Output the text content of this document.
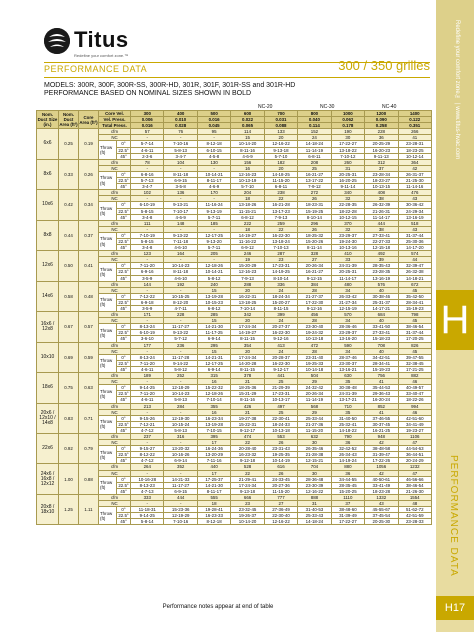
Titus
Redefine your comfort zone.™
PERFORMANCE DATA	300 / 350 grilles
MODELS: 300R, 300F, 300R-SS, 300R-HD, 301R, 301F, 301R-SS and 301R-HD
PERFORMANCE BASED ON NOMINAL SIZES SHOWN IN BOLD
NC-20	NC-30	NC-40
Nom. Duct Size (in.)	Nom. Duct Area (ft²)	Core Area (ft²)	Core Vel.		300	400	500	600	700	800	1000	1200	1400
			Vel. Press.		0.006	0.010	0.016	0.022	0.031	0.040	0.062	0.090	0.122
			Total Press.		0.016	0.028	0.045	0.065	0.088	0.114	0.178	0.258	0.351
6x6	0.25	0.19	cfm		57	76	95	114	133	152	190	228	266
			NC		-	-	-	15	20	24	30	36	41
			Throw (ft)	0°	5-7-14	7-10-16	8-12-18	10-14-20	12-16-22	14-18-24	17-22-27	20-25-29	23-28-31
				22.5°	4-6-11	5-8-13	6-10-15	8-11-16	9-13-18	11-14-19	13-18-22	16-20-23	18-23-25
				45°	2-3-6	3-4-7	4-5-8	4-6-9	5-7-10	6-8-11	7-10-12	9-11-13	10-12-14
8x6	0.33	0.26	cfm		78	104	130	156	182	208	260	312	364
			NC		-	-	-	16	20	25	31	37	42
			Throw (ft)	0°	6-8-16	8-11-18	10-14-21	12-16-23	14-18-25	16-21-27	20-25-31	23-28-34	26-31-37
				22.5°	5-7-13	6-9-15	8-11-17	10-13-19	11-15-20	13-17-22	16-20-25	18-23-27	21-25-30
				45°	3-4-7	3-5-8	4-6-9	5-7-10	6-8-11	7-9-12	9-11-14	10-13-15	11-14-16
10x6	0.42	0.34	cfm		102	136	170	204	238	272	340	408	476
			NC		-	-	-	18	22	26	32	38	43
			Throw (ft)	0°	6-10-19	9-13-21	11-16-24	13-18-26	16-21-28	18-23-31	22-28-35	26-32-39	30-36-42
				22.5°	5-8-15	7-10-17	9-13-19	11-15-21	13-17-23	15-19-25	18-22-28	21-26-31	24-29-34
				45°	3-4-8	4-6-9	5-7-11	6-8-12	7-9-13	8-10-14	10-12-15	11-14-17	13-16-19
8x8	0.44	0.37	cfm		111	148	185	222	259	296	370	444	518
			NC		-	-	-	18	22	26	32	38	43
			Throw (ft)	0°	7-10-19	9-13-22	12-17-25	14-19-27	16-22-30	18-25-32	23-29-37	27-33-41	31-37-44
				22.5°	5-8-15	7-11-18	9-13-20	11-16-22	13-18-24	15-20-26	19-24-30	22-27-33	25-30-36
				45°	3-4-8	4-6-10	5-7-11	6-9-12	7-10-13	8-11-14	10-13-16	12-15-18	14-17-20
12x6	0.50	0.41	cfm		123	164	205	246	287	328	410	492	574
			NC		-	-	-	19	23	27	33	39	44
			Throw (ft)	0°	7-11-20	10-14-23	12-18-26	15-20-29	17-23-31	20-26-34	24-31-39	28-35-43	32-39-47
				22.5°	6-9-16	8-11-18	10-14-21	12-16-23	14-19-25	16-21-27	20-25-31	23-28-35	26-32-38
				45°	3-5-9	4-6-10	5-8-12	7-9-13	8-10-14	9-12-15	11-14-17	13-16-19	14-18-21
14x6	0.58	0.48	cfm		144	192	240	288	336	384	480	576	672
			NC		-	-	15	20	24	28	34	40	45
			Throw (ft)	0°	7-12-22	10-15-25	13-19-28	16-22-31	18-24-34	21-27-37	26-33-42	30-38-46	35-42-50
				22.5°	6-9-18	8-12-20	10-15-23	13-18-25	15-20-27	17-22-30	21-27-34	25-31-37	28-34-41
				45°	3-5-9	4-7-11	6-8-12	7-10-14	8-11-15	9-12-16	12-15-19	14-17-21	15-19-23
16x6 / 12x8	0.67	0.57	cfm		171	228	285	342	399	456	570	684	798
			NC		-	-	15	20	24	28	34	40	45
			Throw (ft)	0°	8-13-24	11-17-27	14-21-30	17-24-34	20-27-37	23-30-40	28-36-46	33-41-50	38-46-54
				22.5°	6-10-19	9-13-22	11-17-25	14-19-27	16-22-30	19-24-32	23-29-37	27-33-41	31-37-44
				45°	3-6-10	5-7-12	6-9-14	8-11-15	9-12-16	10-13-18	13-16-20	15-18-23	17-20-25
10x10	0.69	0.59	cfm		177	236	295	354	413	472	590	708	826
			NC		-	-	15	20	24	28	34	40	45
			Throw (ft)	0°	8-13-24	11-17-28	14-21-31	17-24-34	20-28-37	23-31-40	28-37-46	34-42-51	39-47-55
				22.5°	7-11-20	9-14-22	12-17-25	14-20-28	16-22-30	19-25-33	23-30-37	28-34-41	32-38-45
				45°	4-6-11	5-8-12	6-9-14	8-11-15	9-12-17	10-14-18	13-16-21	15-19-23	17-21-25
18x6	0.75	0.63	cfm		189	252	315	378	441	504	630	756	882
			NC		-	-	16	21	25	29	35	41	46
			Throw (ft)	0°	9-14-25	12-18-29	15-22-32	18-25-36	21-29-39	24-32-42	30-38-48	35-44-53	40-49-57
				22.5°	7-11-20	10-14-23	12-18-26	15-21-29	17-23-31	20-26-34	24-31-39	29-36-43	33-40-47
				45°	4-6-11	5-8-13	7-10-14	8-11-16	10-13-17	11-14-19	13-17-21	16-20-24	18-22-26
20x6 / 12x10 / 14x8	0.83	0.71	cfm		213	284	355	426	497	568	710	852	994
			NC		-	-	16	21	25	29	35	41	46
			Throw (ft)	0°	9-15-26	12-19-30	16-23-34	19-27-38	22-30-41	25-33-44	31-40-50	37-46-55	42-51-60
				22.5°	7-12-21	10-15-24	13-19-28	15-22-31	18-24-33	21-27-36	25-32-41	30-37-45	34-41-49
				45°	4-7-12	5-8-13	7-10-15	9-12-17	10-13-18	11-15-20	14-18-22	16-21-25	19-23-27
22x6	0.92	0.79	cfm		237	316	395	474	553	632	790	948	1106
			NC		-	-	17	22	26	30	36	42	47
			Throw (ft)	0°	9-15-27	13-20-32	16-24-36	20-28-40	23-31-43	26-35-46	32-42-52	38-48-58	44-54-63
				22.5°	8-12-22	10-16-26	13-20-29	16-23-32	19-25-35	21-28-38	26-34-43	31-39-47	36-44-51
				45°	4-7-12	6-9-14	7-11-16	9-12-18	10-14-19	12-15-21	14-19-24	17-22-26	20-24-29
24x6 / 16x8 / 12x12	1.00	0.88	cfm		264	352	440	528	616	704	880	1056	1232
			NC		-	-	17	22	26	30	36	42	47
			Throw (ft)	0°	10-16-28	14-21-33	17-25-37	21-29-41	24-33-45	28-36-48	34-44-55	40-50-61	46-56-66
				22.5°	8-13-23	11-17-27	14-21-30	17-24-34	20-27-36	23-30-39	28-35-45	33-41-49	38-46-54
				45°	4-7-13	6-9-15	8-11-17	9-13-18	11-15-20	12-16-22	15-20-25	18-23-28	21-26-30
20x8 / 18x10	1.25	1.11	cfm		333	444	555	666	777	888	1110	1332	1554
			NC		-	-	18	23	27	31	37	43	48
			Throw (ft)	0°	11-18-31	15-23-36	19-28-41	23-32-45	27-36-49	31-40-53	38-48-60	45-55-67	51-62-72
				22.5°	9-14-25	12-19-29	16-23-33	19-26-37	22-30-40	25-33-43	31-39-49	37-45-54	42-51-59
				45°	5-8-14	7-10-16	8-12-18	10-14-20	12-16-22	14-18-24	17-22-27	20-25-30	23-28-33
Performance notes appear at end of table
Redefine your comfort zone.™ | www.titus-hvac.com
H
PERFORMANCE DATA
H17
